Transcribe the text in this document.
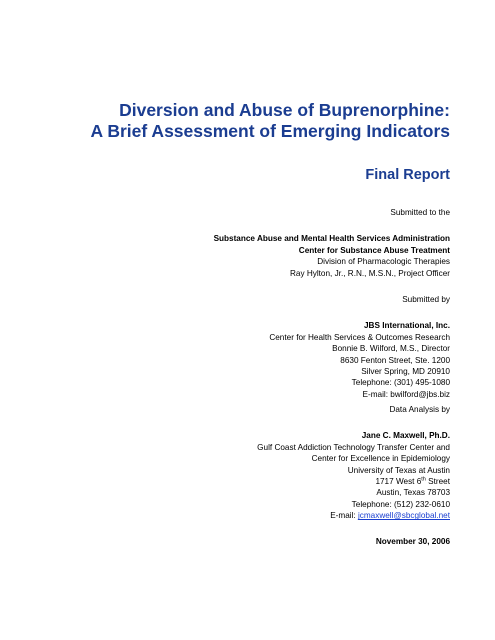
Diversion and Abuse of Buprenorphine:
A Brief Assessment of Emerging Indicators
Final Report
Submitted to the
Substance Abuse and Mental Health Services Administration
Center for Substance Abuse Treatment
Division of Pharmacologic Therapies
Ray Hylton, Jr., R.N., M.S.N., Project Officer
Submitted by
JBS International, Inc.
Center for Health Services & Outcomes Research
Bonnie B. Wilford, M.S., Director
8630 Fenton Street, Ste. 1200
Silver Spring, MD 20910
Telephone: (301) 495-1080
E-mail: bwilford@jbs.biz
Data Analysis by
Jane C. Maxwell, Ph.D.
Gulf Coast Addiction Technology Transfer Center and
Center for Excellence in Epidemiology
University of Texas at Austin
1717 West 6th Street
Austin, Texas 78703
Telephone: (512) 232-0610
E-mail: jcmaxwell@sbcglobal.net
November 30, 2006
